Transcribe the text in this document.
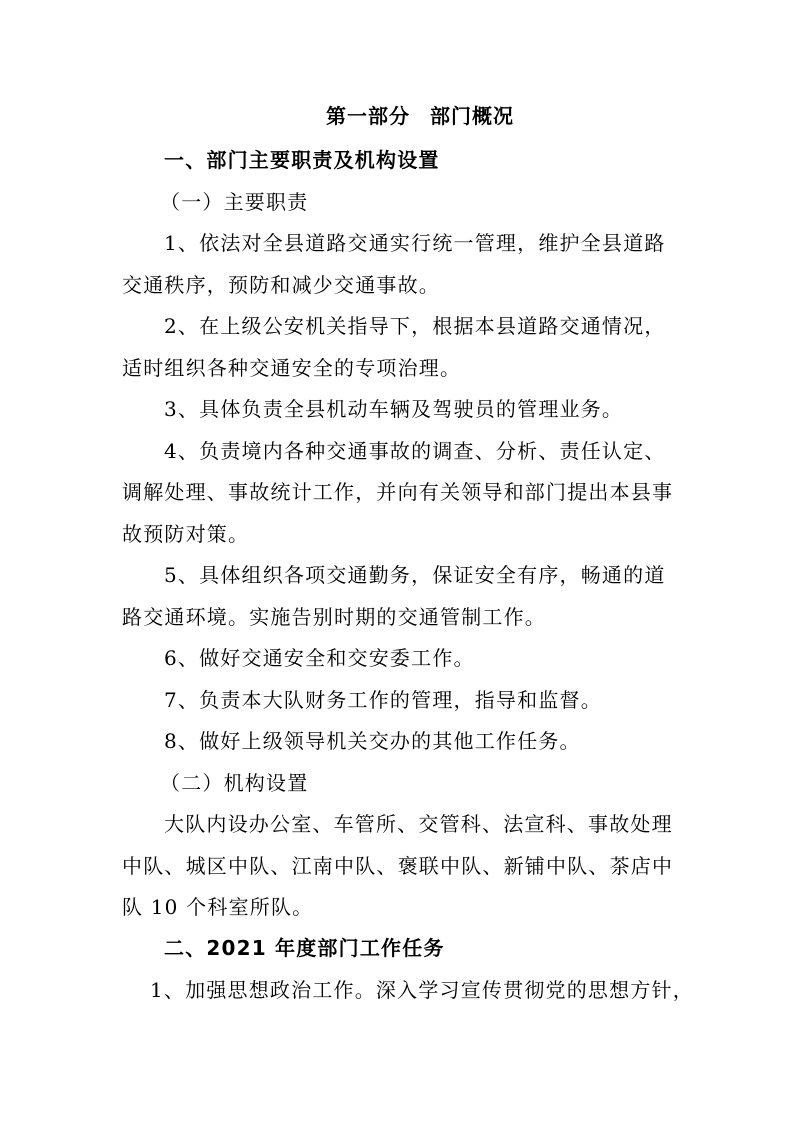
第一部分 部门概况
一、部门主要职责及机构设置
（一）主要职责
1、依法对全县道路交通实行统一管理，维护全县道路
交通秩序，预防和减少交通事故。
2、在上级公安机关指导下，根据本县道路交通情况，
适时组织各种交通安全的专项治理。
3、具体负责全县机动车辆及驾驶员的管理业务。
4、负责境内各种交通事故的调查、分析、责任认定、
调解处理、事故统计工作，并向有关领导和部门提出本县事
故预防对策。
5、具体组织各项交通勤务，保证安全有序，畅通的道
路交通环境。实施告别时期的交通管制工作。
6、做好交通安全和交安委工作。
7、负责本大队财务工作的管理，指导和监督。
8、做好上级领导机关交办的其他工作任务。
（二）机构设置
大队内设办公室、车管所、交管科、法宣科、事故处理
中队、城区中队、江南中队、褒联中队、新铺中队、茶店中
队 10 个科室所队。
二、2021 年度部门工作任务
1、加强思想政治工作。深入学习宣传贯彻党的思想方针，
